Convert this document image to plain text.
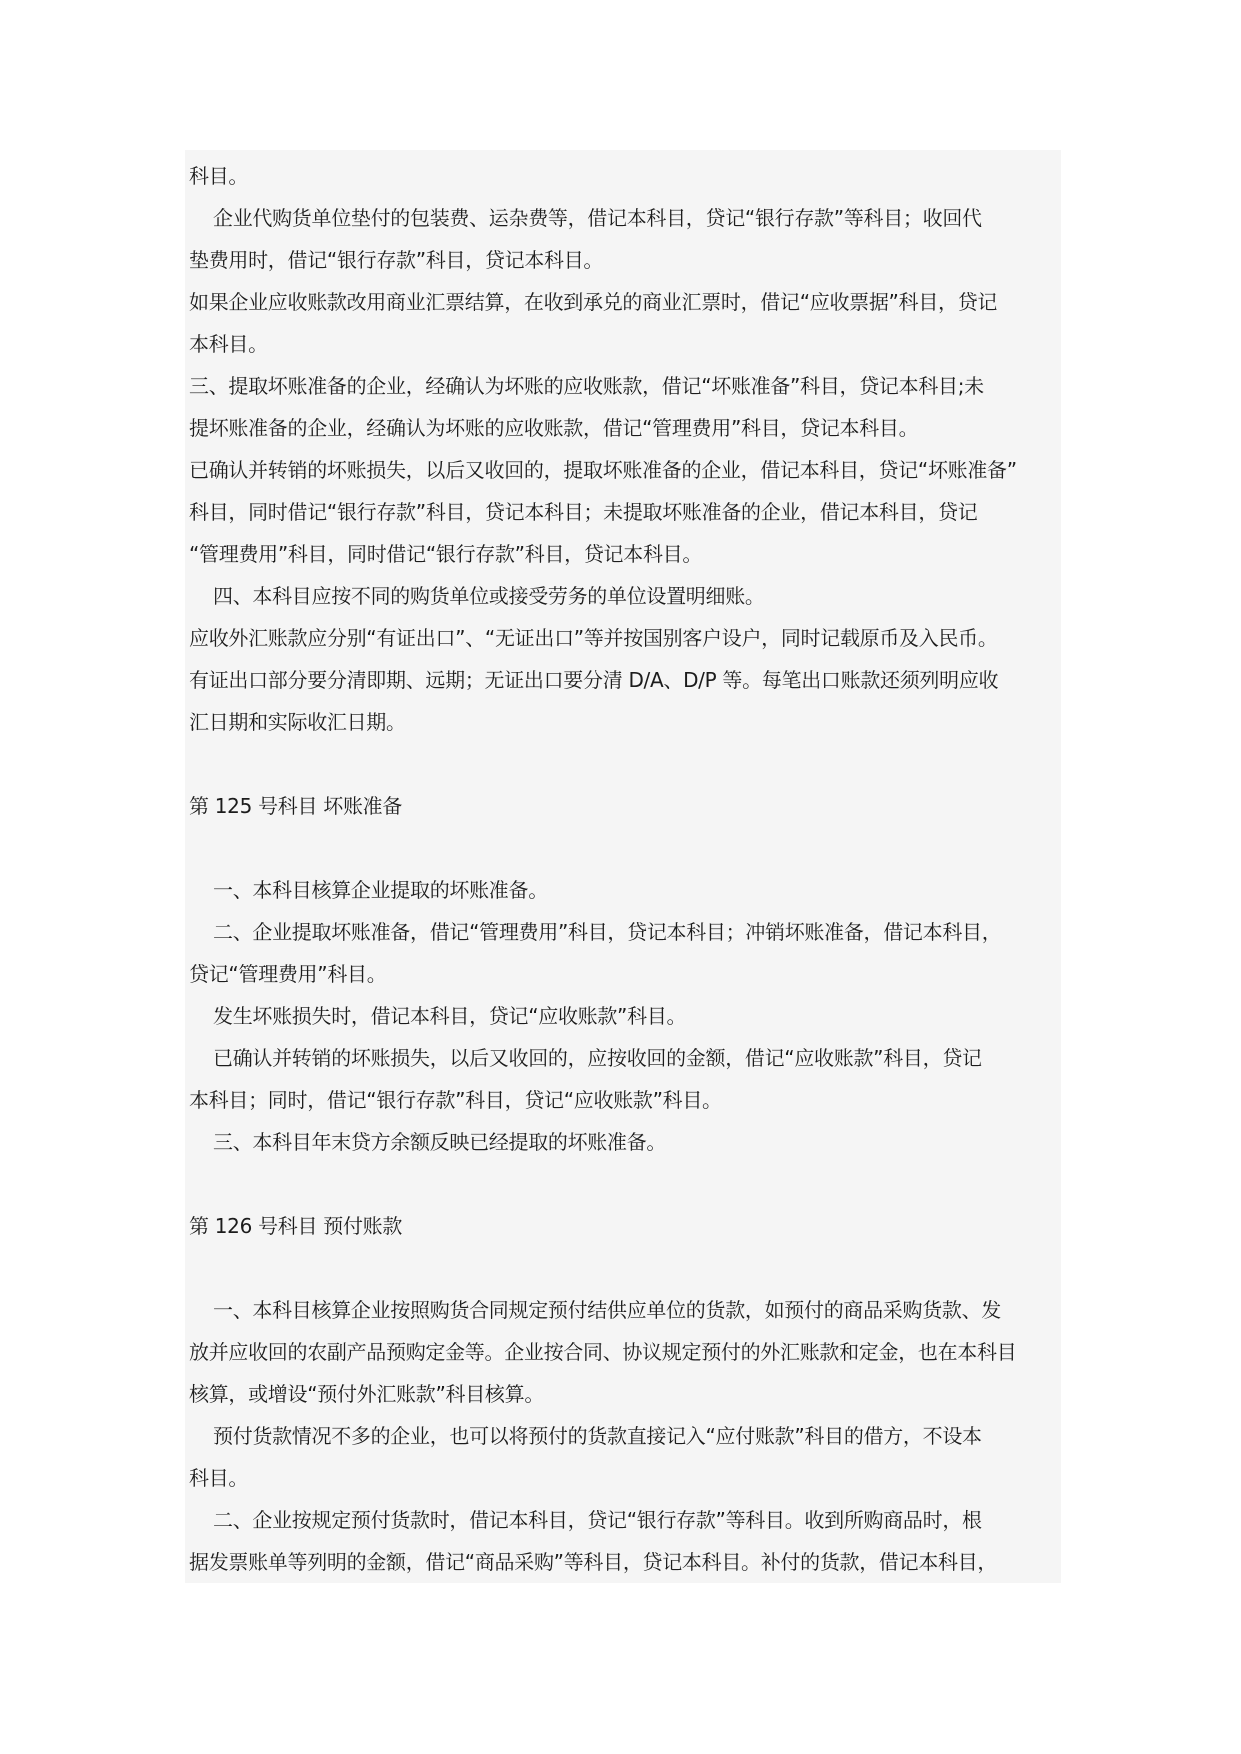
科目。
企业代购货单位垫付的包装费、运杂费等，借记本科目，贷记“银行存款”等科目；收回代
垫费用时，借记“银行存款”科目，贷记本科目。
如果企业应收账款改用商业汇票结算，在收到承兑的商业汇票时，借记“应收票据”科目，贷记
本科目。
三、提取坏账准备的企业，经确认为坏账的应收账款，借记“坏账准备”科目，贷记本科目;未
提坏账准备的企业，经确认为坏账的应收账款，借记“管理费用”科目，贷记本科目。
已确认并转销的坏账损失，以后又收回的，提取坏账准备的企业，借记本科目，贷记“坏账准备”
科目，同时借记“银行存款”科目，贷记本科目；未提取坏账准备的企业，借记本科目，贷记
“管理费用”科目，同时借记“银行存款”科目，贷记本科目。
四、本科目应按不同的购货单位或接受劳务的单位设置明细账。
应收外汇账款应分别“有证出口”、“无证出口”等并按国别客户设户，同时记载原币及入民币。
有证出口部分要分清即期、远期；无证出口要分清 D/A、D/P 等。每笔出口账款还须列明应收
汇日期和实际收汇日期。
第 125 号科目 坏账准备
一、本科目核算企业提取的坏账准备。
二、企业提取坏账准备，借记“管理费用”科目，贷记本科目；冲销坏账准备，借记本科目，
贷记“管理费用”科目。
发生坏账损失时，借记本科目，贷记“应收账款”科目。
已确认并转销的坏账损失，以后又收回的，应按收回的金额，借记“应收账款”科目，贷记
本科目；同时，借记“银行存款”科目，贷记“应收账款”科目。
三、本科目年末贷方余额反映已经提取的坏账准备。
第 126 号科目 预付账款
一、本科目核算企业按照购货合同规定预付结供应单位的货款，如预付的商品采购货款、发
放并应收回的农副产品预购定金等。企业按合同、协议规定预付的外汇账款和定金，也在本科目
核算，或增设“预付外汇账款”科目核算。
预付货款情况不多的企业，也可以将预付的货款直接记入“应付账款”科目的借方，不设本
科目。
二、企业按规定预付货款时，借记本科目，贷记“银行存款”等科目。收到所购商品时，根
据发票账单等列明的金额，借记“商品采购”等科目，贷记本科目。补付的货款，借记本科目，
